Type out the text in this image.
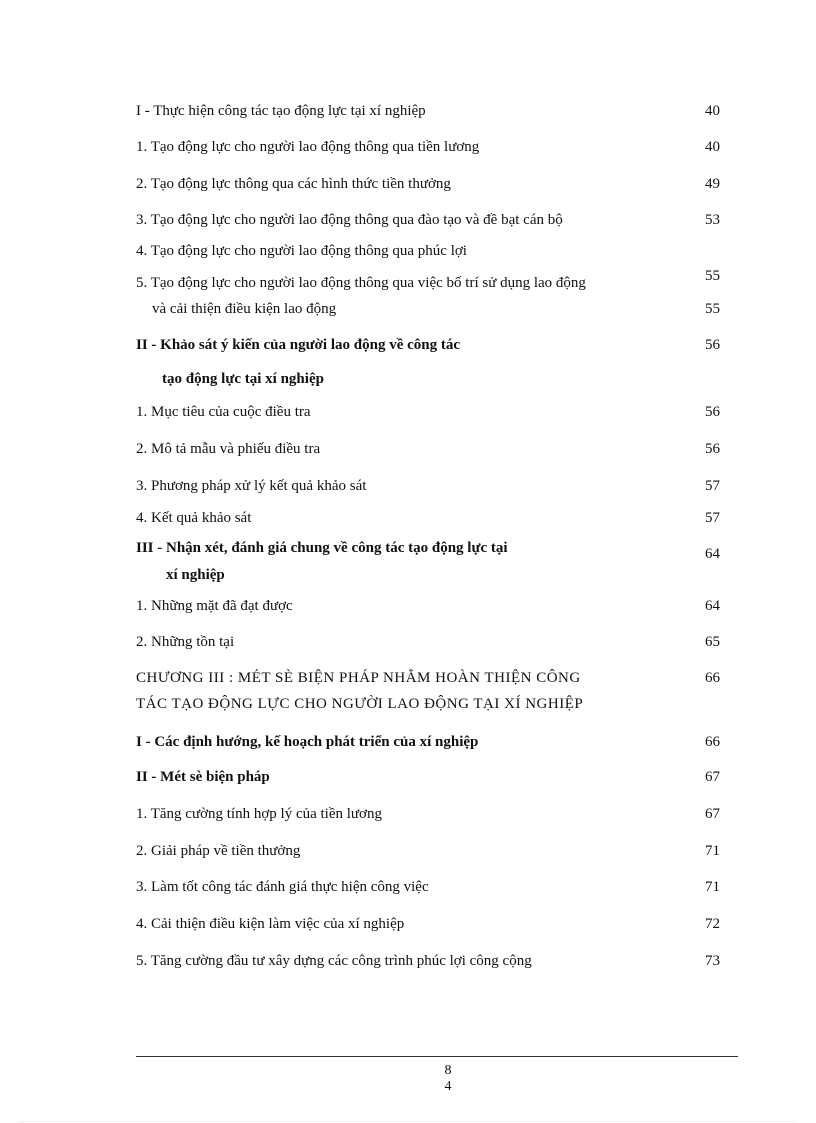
I - Thực hiện công tác tạo động lực tại xí nghiệp	40
1. Tạo động lực cho người lao động thông qua tiền lương	40
2. Tạo động lực thông qua các hình thức tiền thưởng	49
3. Tạo động lực cho người lao động thông qua đào tạo và đề bạt cán bộ	53
4. Tạo động lực cho người lao động thông qua phúc lợi
5. Tạo động lực cho người lao động thông qua việc bố trí sử dụng lao động	55
và cải thiện điều kiện lao động	55
II - Khảo sát ý kiến của người lao động về công tác	56
tạo động lực tại xí nghiệp
1. Mục tiêu của cuộc điều tra	56
2. Mô tả mẫu và phiếu điều tra	56
3. Phương pháp xử lý kết quả khảo sát	57
4. Kết quả khảo sát	57
III - Nhận xét, đánh giá chung về công tác tạo động lực tại	64
xí nghiệp
1. Những mặt đã đạt được	64
2. Những tồn tại	65
CHƯƠNG III : MÉT SÈ BIỆN PHÁP NHẰM HOÀN THIỆN CÔNG	66
TÁC TẠO ĐỘNG LỰC CHO NGƯỜI LAO ĐỘNG TẠI XÍ NGHIỆP
I - Các định hướng, kế hoạch phát triển của xí nghiệp	66
II - Mét sè biện pháp	67
1. Tăng cường tính hợp lý của tiền lương	67
2. Giải pháp về tiền thưởng	71
3. Làm tốt công tác đánh giá thực hiện công việc	71
4. Cải thiện điều kiện làm việc của xí nghiệp	72
5. Tăng cường đầu tư xây dựng các công trình phúc lợi công cộng	73
8
4
